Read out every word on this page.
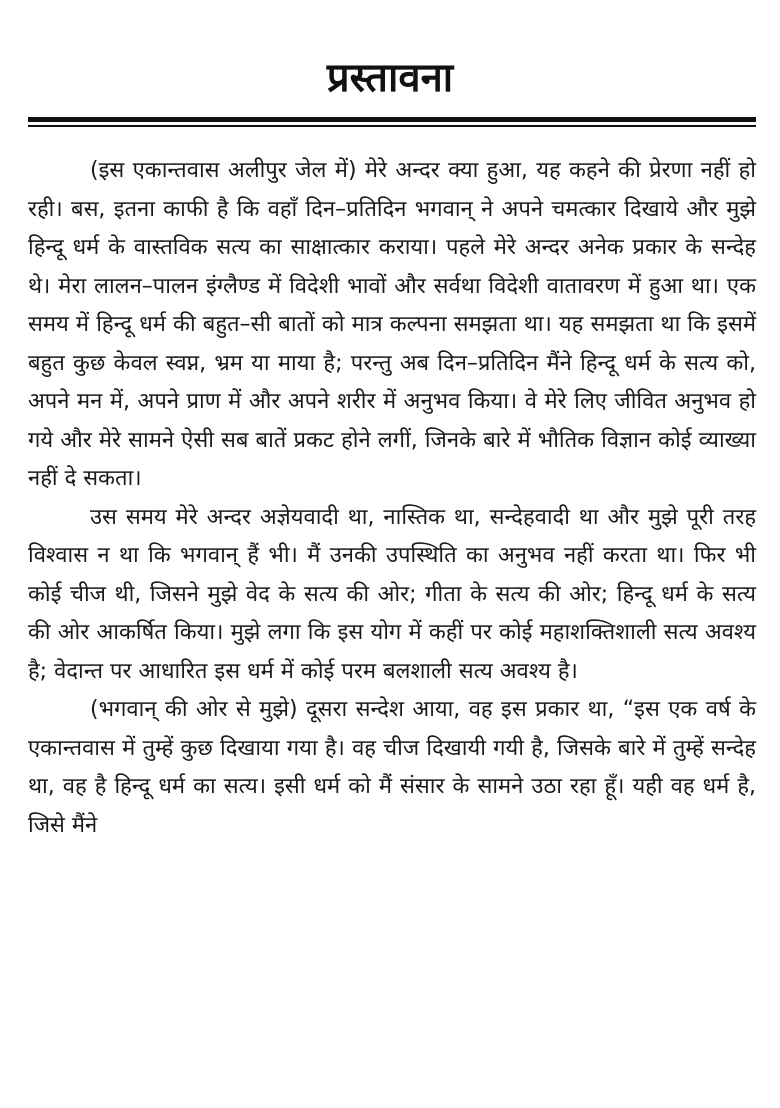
प्रस्तावना

(इस एकान्तवास अलीपुर जेल में) मेरे अन्दर क्या हुआ, यह कहने की प्रेरणा नहीं हो रही। बस, इतना काफी है कि वहाँ दिन–प्रतिदिन भगवान् ने अपने चमत्कार दिखाये और मुझे हिन्दू धर्म के वास्तविक सत्य का साक्षात्कार कराया। पहले मेरे अन्दर अनेक प्रकार के सन्देह थे। मेरा लालन–पालन इंग्लैण्ड में विदेशी भावों और सर्वथा विदेशी वातावरण में हुआ था। एक समय में हिन्दू धर्म की बहुत–सी बातों को मात्र कल्पना समझता था। यह समझता था कि इसमें बहुत कुछ केवल स्वप्न, भ्रम या माया है; परन्तु अब दिन–प्रतिदिन मैंने हिन्दू धर्म के सत्य को, अपने मन में, अपने प्राण में और अपने शरीर में अनुभव किया। वे मेरे लिए जीवित अनुभव हो गये और मेरे सामने ऐसी सब बातें प्रकट होने लगीं, जिनके बारे में भौतिक विज्ञान कोई व्याख्या नहीं दे सकता।

उस समय मेरे अन्दर अज्ञेयवादी था, नास्तिक था, सन्देहवादी था और मुझे पूरी तरह विश्वास न था कि भगवान् हैं भी। मैं उनकी उपस्थिति का अनुभव नहीं करता था। फिर भी कोई चीज थी, जिसने मुझे वेद के सत्य की ओर; गीता के सत्य की ओर; हिन्दू धर्म के सत्य की ओर आकर्षित किया। मुझे लगा कि इस योग में कहीं पर कोई महाशक्तिशाली सत्य अवश्य है; वेदान्त पर आधारित इस धर्म में कोई परम बलशाली सत्य अवश्य है।

(भगवान् की ओर से मुझे) दूसरा सन्देश आया, वह इस प्रकार था, “इस एक वर्ष के एकान्तवास में तुम्हें कुछ दिखाया गया है। वह चीज दिखायी गयी है, जिसके बारे में तुम्हें सन्देह था, वह है हिन्दू धर्म का सत्य। इसी धर्म को मैं संसार के सामने उठा रहा हूँ। यही वह धर्म है, जिसे मैंने
